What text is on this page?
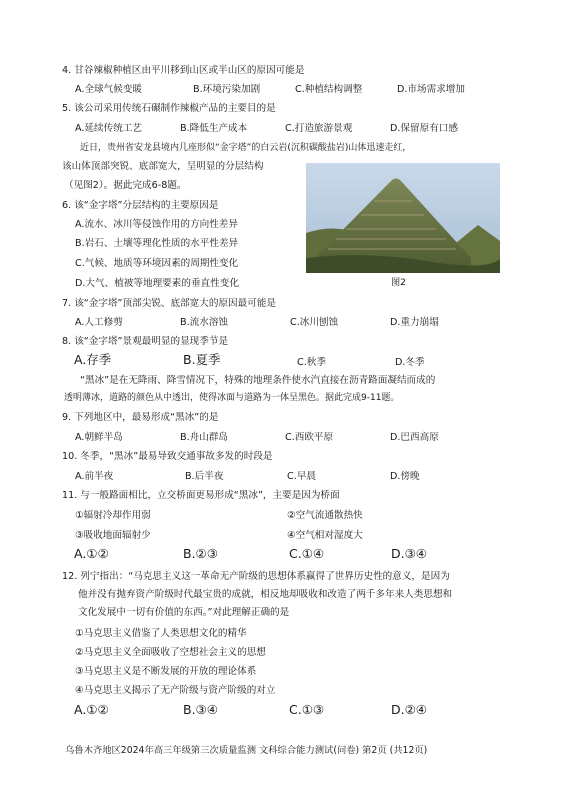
4. 甘谷辣椒种植区由平川移到山区或半山区的原因可能是
A.全球气候变暖	B.环境污染加剧	C.种植结构调整	D.市场需求增加
5. 该公司采用传统石碾制作辣椒产品的主要目的是
A.延续传统工艺	B.降低生产成本	C.打造旅游景观	D.保留原有口感
近日，贵州省安龙县境内几座形似“金字塔”的白云岩(沉积碳酸盐岩)山体迅速走红，
该山体顶部突锐、底部宽大，呈明显的分层结构
（见图2）。据此完成6-8题。
图2
6. 该“金字塔”分层结构的主要原因是
A.流水、冰川等侵蚀作用的方向性差异
B.岩石、土壤等理化性质的水平性差异
C.气候、地质等环境因素的周期性变化
D.大气、植被等地理要素的垂直性变化
7. 该“金字塔”顶部尖锐、底部宽大的原因最可能是
A.人工修剪	B.流水溶蚀	C.冰川刨蚀	D.重力崩塌
8. 该“金字塔”景观最明显的显现季节是
A.存季	B.夏季	C.秋季	D.冬季
“黑冰”是在无降雨、降雪情况下，特殊的地理条件使水汽直接在沥青路面凝结而成的
透明薄冰，道路的颜色从中透出，使得冰面与道路为一体呈黑色。据此完成9-11题。
9. 下列地区中，最易形成“黑冰”的是
A.朝鲜半岛	B.舟山群岛	C.西欧平原	D.巴西高原
10. 冬季，“黑冰”最易导致交通事故多发的时段是
A.前半夜	B.后半夜	C.早晨	D.傍晚
11. 与一般路面相比，立交桥面更易形成“黑冰”，主要是因为桥面
①辐射冷却作用弱	②空气流通散热快
③吸收地面辐射少	④空气相对湿度大
A.①②	B.②③	C.①④	D.③④
12. 列宁指出：“马克思主义这一革命无产阶级的思想体系赢得了世界历史性的意义，是因为
他并没有抛弃资产阶级时代最宝贵的成就，相反地却吸收和改造了两千多年来人类思想和
文化发展中一切有价值的东西。”对此理解正确的是
①马克思主义借鉴了人类思想文化的精华
②马克思主义全面吸收了空想社会主义的思想
③马克思主义是不断发展的开放的理论体系
④马克思主义揭示了无产阶级与资产阶级的对立
A.①②	B.③④	C.①③	D.②④
乌鲁木齐地区2024年高三年级第三次质量监测 文科综合能力测试(问卷) 第2页 (共12页)
